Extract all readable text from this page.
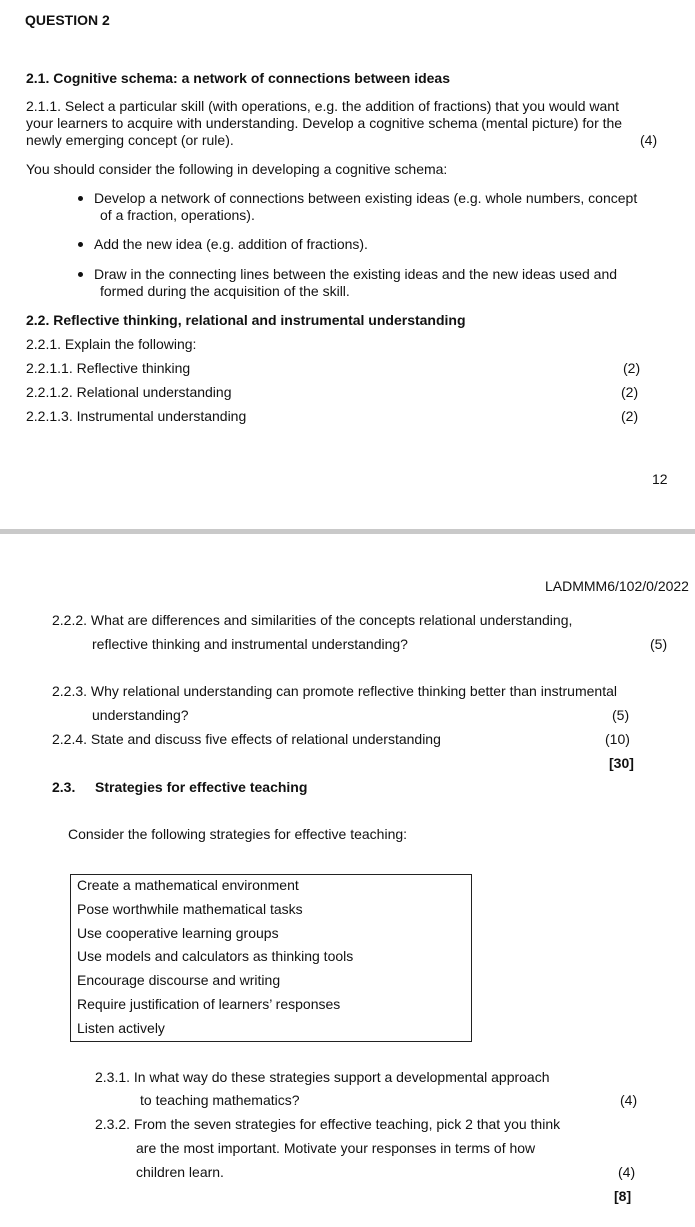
QUESTION 2
2.1. Cognitive schema: a network of connections between ideas
2.1.1. Select a particular skill (with operations, e.g. the addition of fractions) that you would want
your learners to acquire with understanding. Develop a cognitive schema (mental picture) for the
newly emerging concept (or rule).	(4)
You should consider the following in developing a cognitive schema:
Develop a network of connections between existing ideas (e.g. whole numbers, concept
of a fraction, operations).
Add the new idea (e.g. addition of fractions).
Draw in the connecting lines between the existing ideas and the new ideas used and
formed during the acquisition of the skill.
2.2. Reflective thinking, relational and instrumental understanding
2.2.1. Explain the following:
2.2.1.1. Reflective thinking	(2)
2.2.1.2. Relational understanding	(2)
2.2.1.3. Instrumental understanding	(2)
12
LADMMM6/102/0/2022
2.2.2. What are differences and similarities of the concepts relational understanding,
reflective thinking and instrumental understanding?	(5)
2.2.3. Why relational understanding can promote reflective thinking better than instrumental
understanding?	(5)
2.2.4. State and discuss five effects of relational understanding	(10)
[30]
2.3. Strategies for effective teaching
Consider the following strategies for effective teaching:
Create a mathematical environment
Pose worthwhile mathematical tasks
Use cooperative learning groups
Use models and calculators as thinking tools
Encourage discourse and writing
Require justification of learners’ responses
Listen actively
2.3.1. In what way do these strategies support a developmental approach
to teaching mathematics?	(4)
2.3.2. From the seven strategies for effective teaching, pick 2 that you think
are the most important. Motivate your responses in terms of how
children learn.	(4)
[8]
